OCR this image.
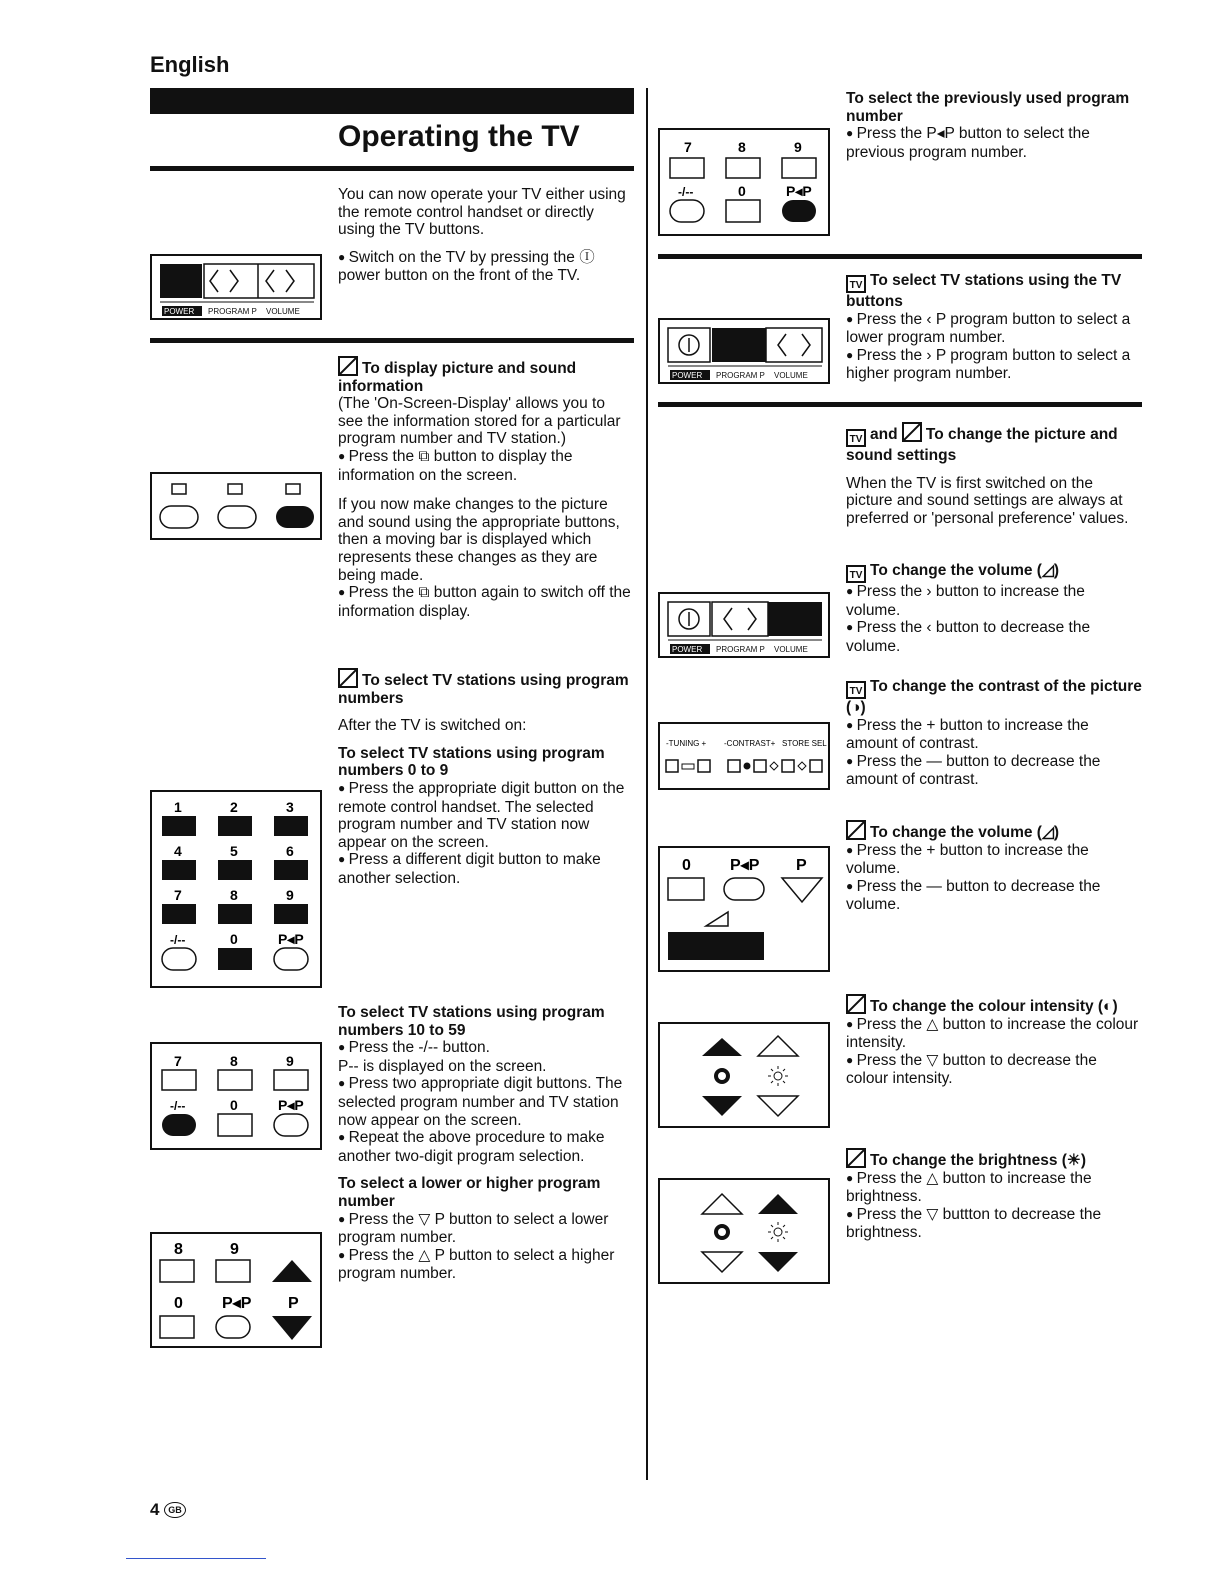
English
Operating the TV

You can now operate your TV either using the remote control handset or directly using the TV buttons.

● Switch on the TV by pressing the Ⓘ power button on the front of the TV.

To display picture and sound information

(The 'On-Screen-Display' allows you to see the information stored for a particular program number and TV station.)

● Press the ⧉ button to display the information on the screen.

If you now make changes to the picture and sound using the appropriate buttons, then a moving bar is displayed which represents these changes as they are being made.

● Press the ⧉ button again to switch off the information display.

To select TV stations using program numbers

After the TV is switched on:

To select TV stations using program numbers 0 to 9

● Press the appropriate digit button on the remote control handset. The selected program number and TV station now appear on the screen.

● Press a different digit button to make another selection.

To select TV stations using program numbers 10 to 59

● Press the -/-- button.

P-- is displayed on the screen.

● Press two appropriate digit buttons. The selected program number and TV station now appear on the screen.

● Repeat the above procedure to make another two-digit program selection.

To select a lower or higher program number

● Press the ▽ P button to select a lower program number.

● Press the △ P button to select a higher program number.

POWER PROGRAM P VOLUME
1	2	3
4	5	6
7	8	9
-/--	0	P◂P
7	8	9
-/--	0	P◂P
8	9
0 P◂P P
7	8	9
-/--	0	P◂P
POWER PROGRAM P VOLUME
POWER PROGRAM P VOLUME
-TUNING + -CONTRAST+ STORE SEL
0 P◂P P
To select the previously used program number

● Press the P◂P button to select the previous program number.

TV To select TV stations using the TV buttons

● Press the ‹ P program button to select a lower program number.

● Press the › P program button to select a higher program number.

TV and To change the picture and sound settings

When the TV is first switched on the picture and sound settings are always at preferred or 'personal preference' values.

TV To change the volume (◿)

● Press the › button to increase the volume.

● Press the ‹ button to decrease the volume.

TV To change the contrast of the picture (◑)

● Press the + button to increase the amount of contrast.

● Press the — button to decrease the amount of contrast.

To change the volume (◿)

● Press the + button to increase the volume.

● Press the — button to decrease the volume.

To change the colour intensity (◐)

● Press the △ button to increase the colour intensity.

● Press the ▽ button to decrease the colour intensity.

To change the brightness (☀)

● Press the △ button to increase the brightness.

● Press the ▽ buttton to decrease the brightness.

4 GB
